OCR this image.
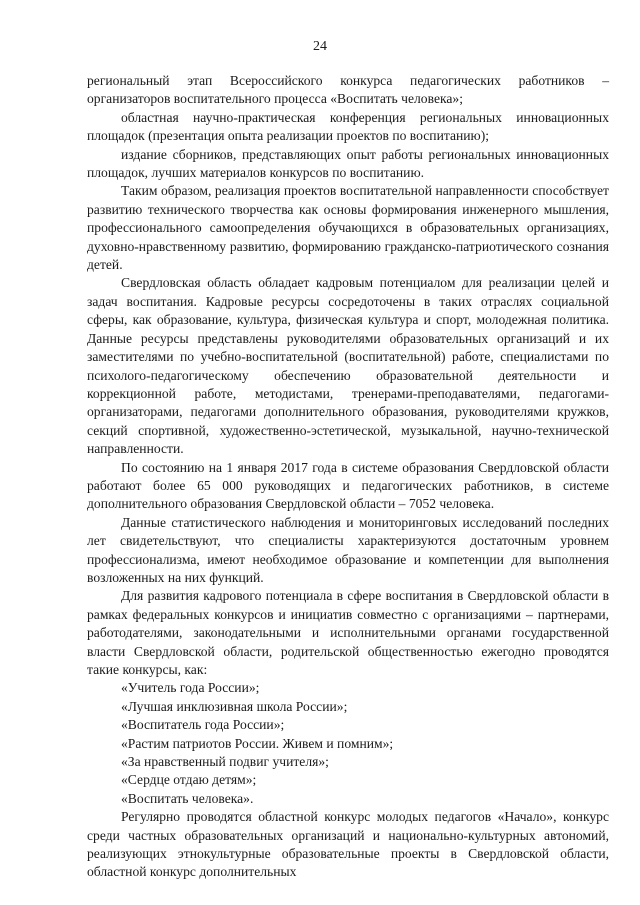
24

региональный этап Всероссийского конкурса педагогических работников – организаторов воспитательного процесса «Воспитать человека»;

областная научно-практическая конференция региональных инновационных площадок (презентация опыта реализации проектов по воспитанию);

издание сборников, представляющих опыт работы региональных инновационных площадок, лучших материалов конкурсов по воспитанию.

Таким образом, реализация проектов воспитательной направленности способствует развитию технического творчества как основы формирования инженерного мышления, профессионального самоопределения обучающихся в образовательных организациях, духовно-нравственному развитию, формированию гражданско-патриотического сознания детей.

Свердловская область обладает кадровым потенциалом для реализации целей и задач воспитания. Кадровые ресурсы сосредоточены в таких отраслях социальной сферы, как образование, культура, физическая культура и спорт, молодежная политика. Данные ресурсы представлены руководителями образовательных организаций и их заместителями по учебно-воспитательной (воспитательной) работе, специалистами по психолого-педагогическому обеспечению образовательной деятельности и коррекционной работе, методистами, тренерами-преподавателями, педагогами-организаторами, педагогами дополнительного образования, руководителями кружков, секций спортивной, художественно-эстетической, музыкальной, научно-технической направленности.

По состоянию на 1 января 2017 года в системе образования Свердловской области работают более 65 000 руководящих и педагогических работников, в системе дополнительного образования Свердловской области – 7052 человека.

Данные статистического наблюдения и мониторинговых исследований последних лет свидетельствуют, что специалисты характеризуются достаточным уровнем профессионализма, имеют необходимое образование и компетенции для выполнения возложенных на них функций.

Для развития кадрового потенциала в сфере воспитания в Свердловской области в рамках федеральных конкурсов и инициатив совместно с организациями – партнерами, работодателями, законодательными и исполнительными органами государственной власти Свердловской области, родительской общественностью ежегодно проводятся такие конкурсы, как:

«Учитель года России»;

«Лучшая инклюзивная школа России»;

«Воспитатель года России»;

«Растим патриотов России. Живем и помним»;

«За нравственный подвиг учителя»;

«Сердце отдаю детям»;

«Воспитать человека».

Регулярно проводятся областной конкурс молодых педагогов «Начало», конкурс среди частных образовательных организаций и национально-культурных автономий, реализующих этнокультурные образовательные проекты в Свердловской области, областной конкурс дополнительных
